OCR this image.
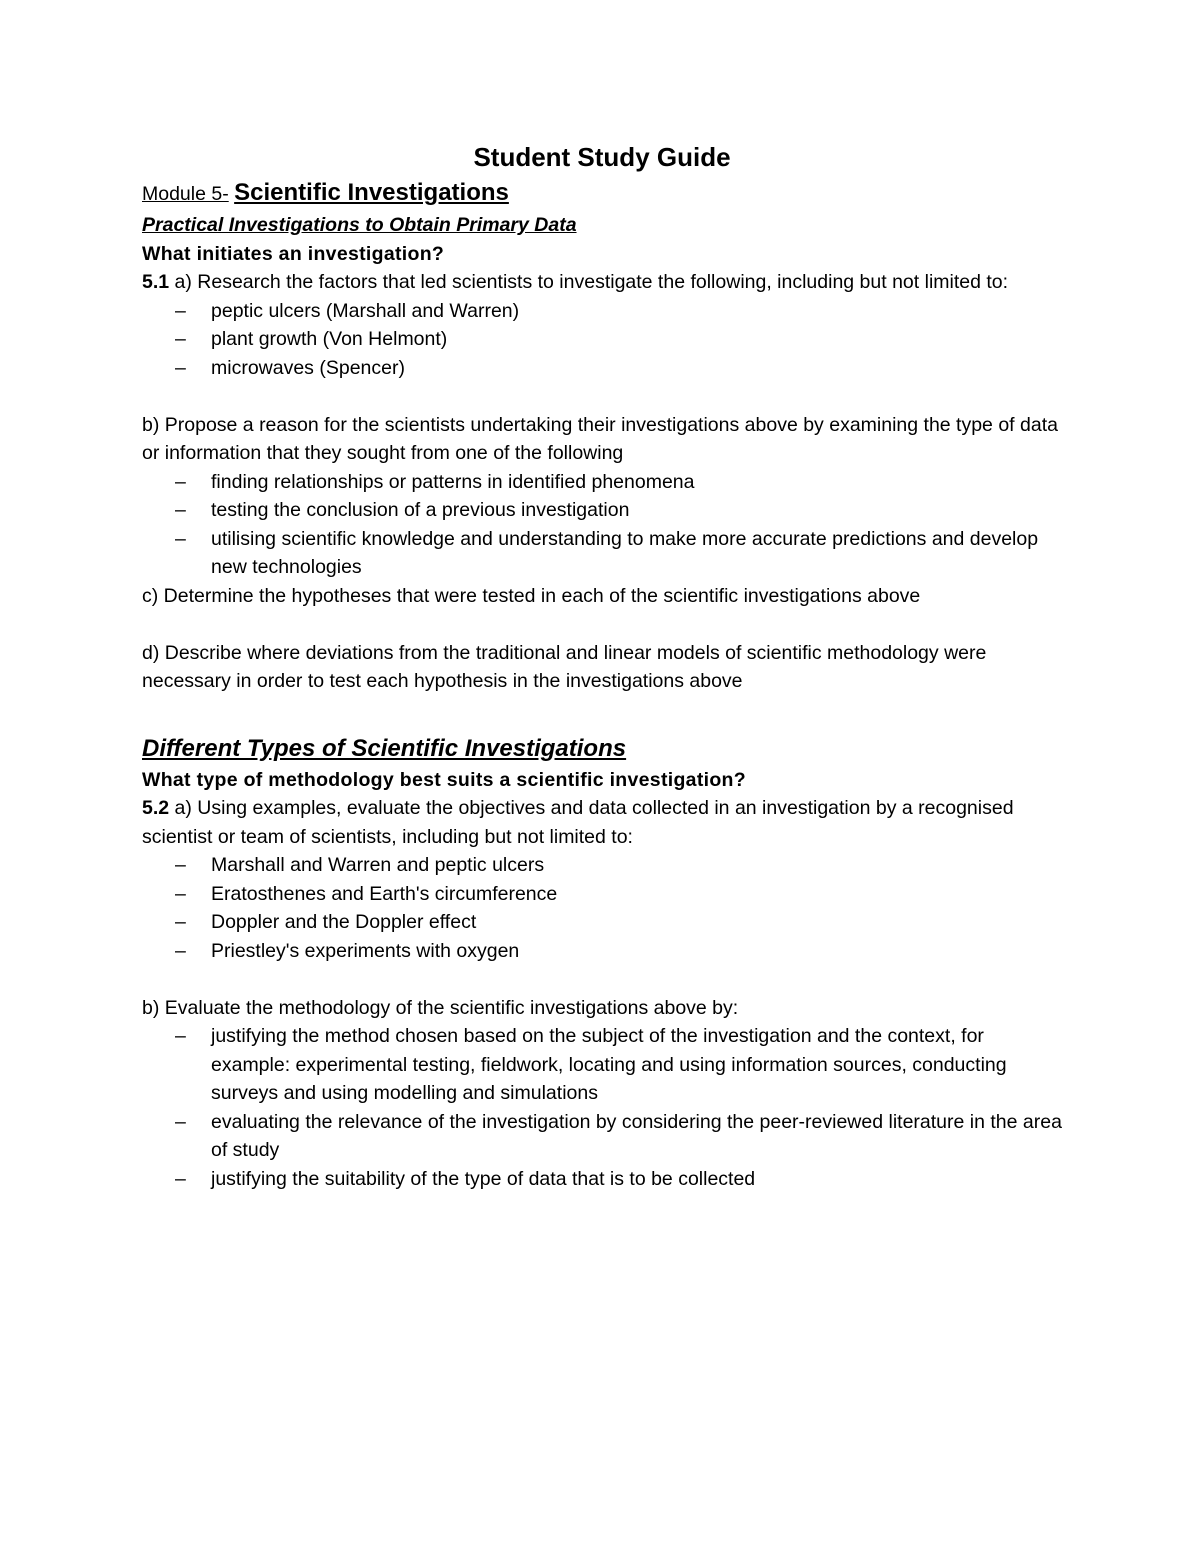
Student Study Guide

Module 5- Scientific Investigations

Practical Investigations to Obtain Primary Data

What initiates an investigation?

5.1 a) Research the factors that led scientists to investigate the following, including but not limited to:

– peptic ulcers (Marshall and Warren)
– plant growth (Von Helmont)
– microwaves (Spencer)

b) Propose a reason for the scientists undertaking their investigations above by examining the type of data or information that they sought from one of the following

– finding relationships or patterns in identified phenomena
– testing the conclusion of a previous investigation
– utilising scientific knowledge and understanding to make more accurate predictions and develop new technologies

c) Determine the hypotheses that were tested in each of the scientific investigations above

d) Describe where deviations from the traditional and linear models of scientific methodology were necessary in order to test each hypothesis in the investigations above

Different Types of Scientific Investigations

What type of methodology best suits a scientific investigation?

5.2 a) Using examples, evaluate the objectives and data collected in an investigation by a recognised scientist or team of scientists, including but not limited to:

– Marshall and Warren and peptic ulcers
– Eratosthenes and Earth's circumference
– Doppler and the Doppler effect
– Priestley's experiments with oxygen

b) Evaluate the methodology of the scientific investigations above by:

– justifying the method chosen based on the subject of the investigation and the context, for example: experimental testing, fieldwork, locating and using information sources, conducting surveys and using modelling and simulations
– evaluating the relevance of the investigation by considering the peer-reviewed literature in the area of study
– justifying the suitability of the type of data that is to be collected
